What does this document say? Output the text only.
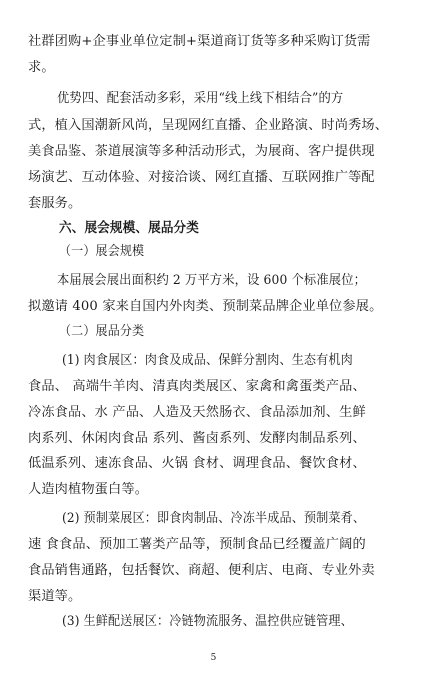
社群团购+企事业单位定制+渠道商订货等多种采购订货需
求。
优势四、配套活动多彩，采用“线上线下相结合”的方
式，植入国潮新风尚，呈现网红直播、企业路演、时尚秀场、
美食品鉴、茶道展演等多种活动形式，为展商、客户提供现
场演艺、互动体验、对接洽谈、网红直播、互联网推广等配
套服务。
六、展会规模、展品分类
（一）展会规模
本届展会展出面积约 2 万平方米，设 600 个标准展位；
拟邀请 400 家来自国内外肉类、预制菜品牌企业单位参展。
（二）展品分类
(1) 肉食展区：肉食及成品、保鲜分割肉、生态有机肉
食品、 高端牛羊肉、清真肉类展区、家禽和禽蛋类产品、
冷冻食品、水 产品、人造及天然肠衣、食品添加剂、生鲜
肉系列、休闲肉食品 系列、酱卤系列、发酵肉制品系列、
低温系列、速冻食品、火锅 食材、调理食品、餐饮食材、
人造肉植物蛋白等。
(2) 预制菜展区：即食肉制品、冷冻半成品、预制菜肴、
速 食食品、预加工薯类产品等，预制食品已经覆盖广阔的
食品销售通路，包括餐饮、商超、便利店、电商、专业外卖
渠道等。
(3) 生鲜配送展区：冷链物流服务、温控供应链管理、
5
